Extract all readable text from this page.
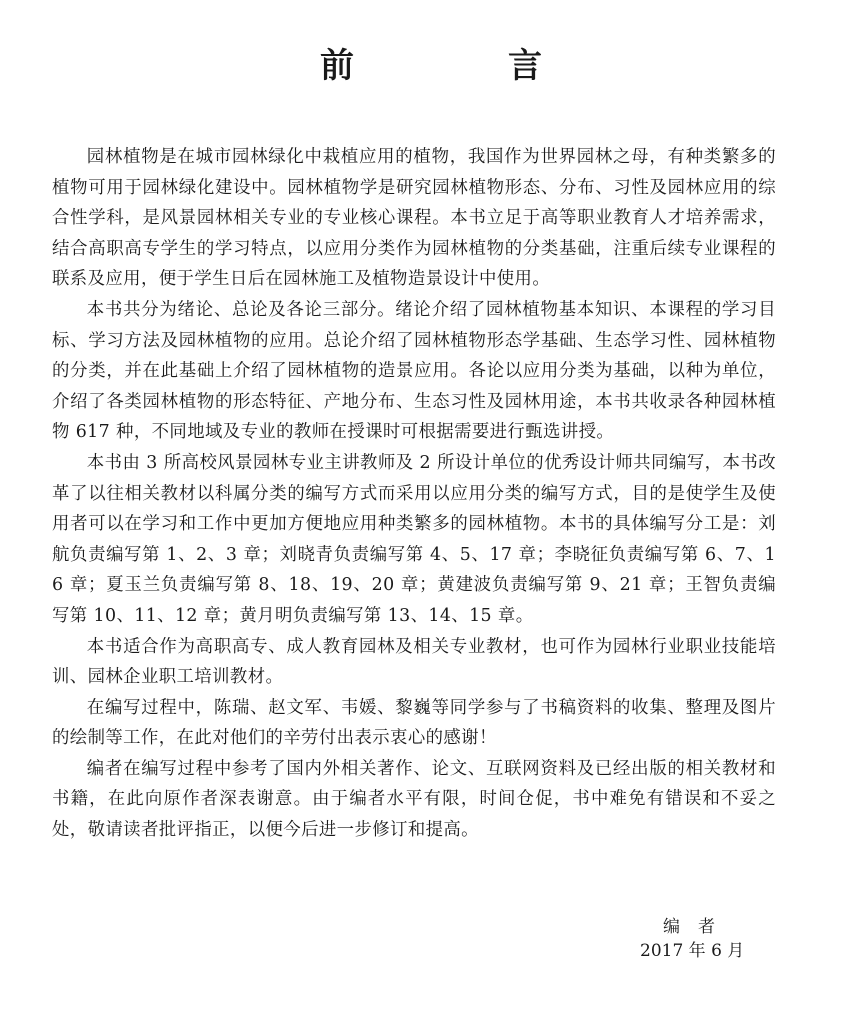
前　言

园林植物是在城市园林绿化中栽植应用的植物，我国作为世界园林之母，有种类繁多的植物可用于园林绿化建设中。园林植物学是研究园林植物形态、分布、习性及园林应用的综合性学科，是风景园林相关专业的专业核心课程。本书立足于高等职业教育人才培养需求，结合高职高专学生的学习特点，以应用分类作为园林植物的分类基础，注重后续专业课程的联系及应用，便于学生日后在园林施工及植物造景设计中使用。

本书共分为绪论、总论及各论三部分。绪论介绍了园林植物基本知识、本课程的学习目标、学习方法及园林植物的应用。总论介绍了园林植物形态学基础、生态学习性、园林植物的分类，并在此基础上介绍了园林植物的造景应用。各论以应用分类为基础，以种为单位，介绍了各类园林植物的形态特征、产地分布、生态习性及园林用途，本书共收录各种园林植物 617 种，不同地域及专业的教师在授课时可根据需要进行甄选讲授。

本书由 3 所高校风景园林专业主讲教师及 2 所设计单位的优秀设计师共同编写，本书改革了以往相关教材以科属分类的编写方式而采用以应用分类的编写方式，目的是使学生及使用者可以在学习和工作中更加方便地应用种类繁多的园林植物。本书的具体编写分工是：刘航负责编写第 1、2、3 章；刘晓青负责编写第 4、5、17 章；李晓征负责编写第 6、7、16 章；夏玉兰负责编写第 8、18、19、20 章；黄建波负责编写第 9、21 章；王智负责编写第 10、11、12 章；黄月明负责编写第 13、14、15 章。

本书适合作为高职高专、成人教育园林及相关专业教材，也可作为园林行业职业技能培训、园林企业职工培训教材。

在编写过程中，陈瑞、赵文军、韦媛、黎巍等同学参与了书稿资料的收集、整理及图片的绘制等工作，在此对他们的辛劳付出表示衷心的感谢！

编者在编写过程中参考了国内外相关著作、论文、互联网资料及已经出版的相关教材和书籍，在此向原作者深表谢意。由于编者水平有限，时间仓促，书中难免有错误和不妥之处，敬请读者批评指正，以便今后进一步修订和提高。

编者
2017 年 6 月
